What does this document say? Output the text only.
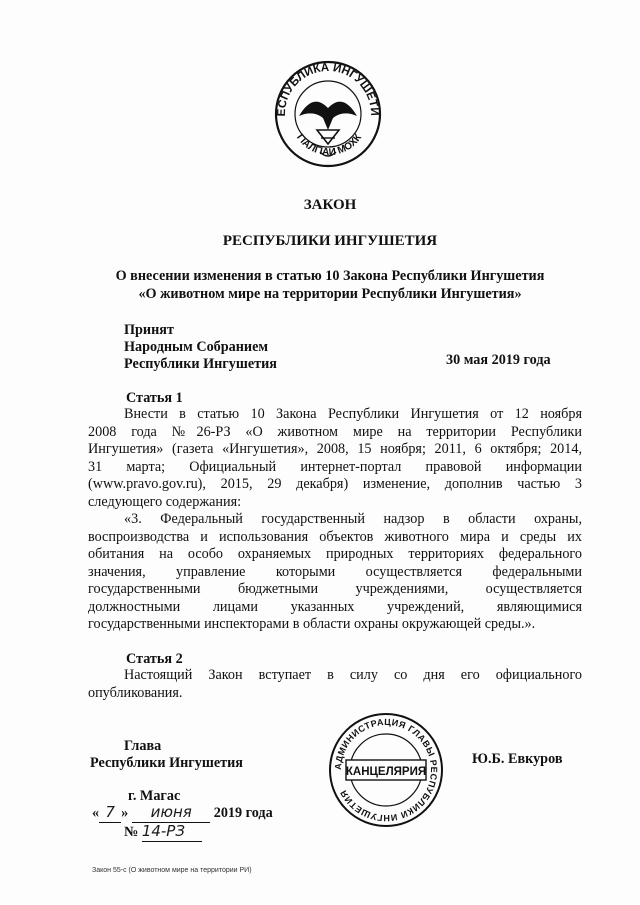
ЕСПУБЛИКА ИНГУШЕТИ
ГIАЛГIАЙ МОХК
ЗАКОН
РЕСПУБЛИКИ ИНГУШЕТИЯ
О внесении изменения в статью 10 Закона Республики Ингушетия
«О животном мире на территории Республики Ингушетия»
Принят
Народным Собранием
Республики Ингушетия	30 мая 2019 года
Статья 1
Внести в статью 10 Закона Республики Ингушетия от 12 ноября
2008 года №26-РЗ «О животном мире на территории Республики
Ингушетия» (газета «Ингушетия», 2008, 15 ноября; 2011, 6 октября; 2014,
31 марта; Официальный интернет-портал правовой информации
(www.pravo.gov.ru), 2015, 29 декабря) изменение, дополнив частью 3
следующего содержания:
«3. Федеральный государственный надзор в области охраны,
воспроизводства и использования объектов животного мира и среды их
обитания на особо охраняемых природных территориях федерального
значения, управление которыми осуществляется федеральными
государственными бюджетными учреждениями, осуществляется
должностными лицами указанных учреждений, являющимися
государственными инспекторами в области охраны окружающей среды.».
Статья 2
Настоящий Закон вступает в силу со дня его официального
опубликования.
Глава
Республики Ингушетия	Ю.Б. Евкуров
КАНЦЕЛЯРИЯ
АДМИНИСТРАЦИЯ ГЛАВЫ РЕСПУБЛИКИ ИНГУШЕТИЯ
г. Магас
« 7 » июня 2019 года
№ 14-РЗ
Закон 55-с (О животном мире на территории РИ)
